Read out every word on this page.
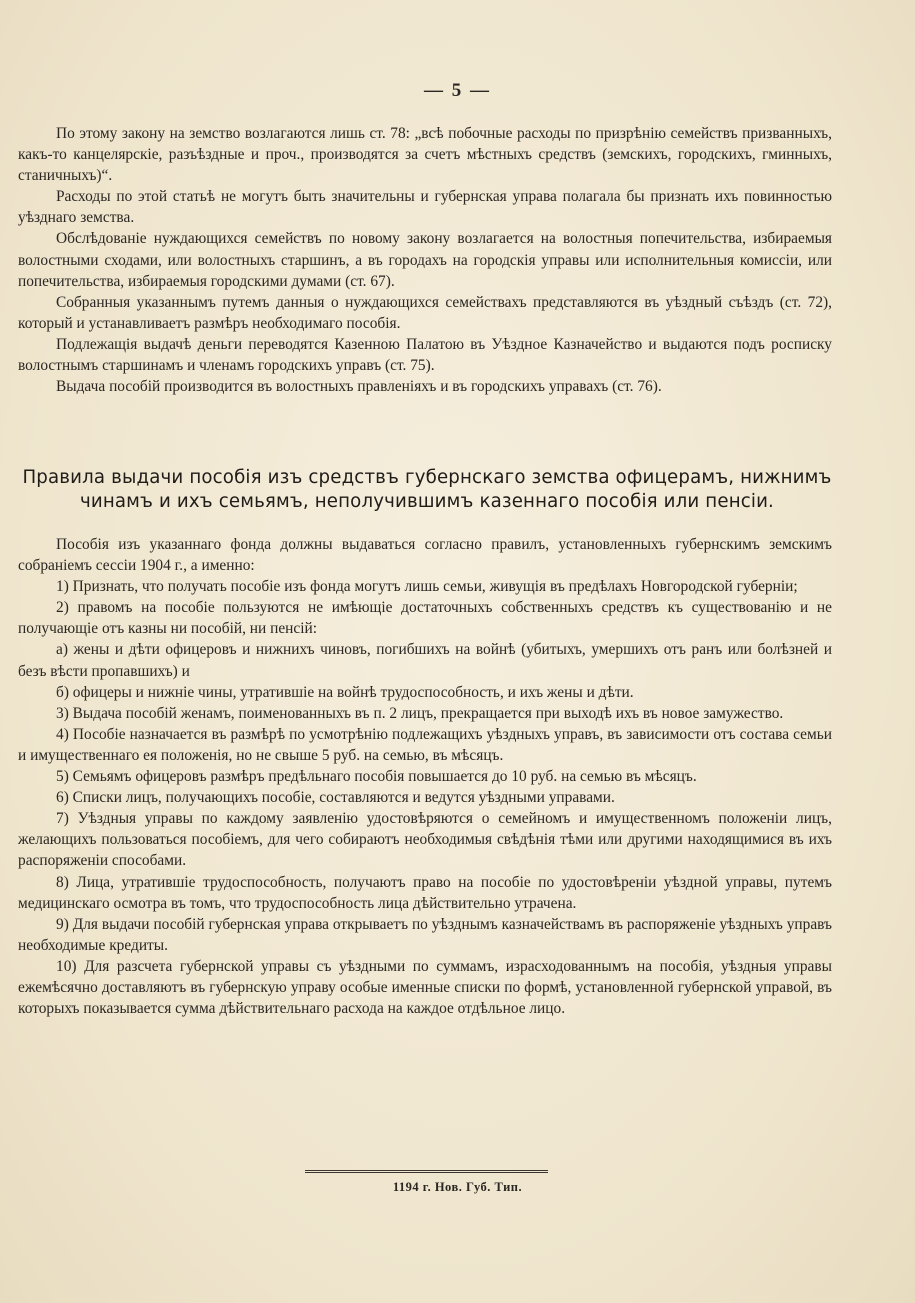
— 5 —

По этому закону на земство возлагаются лишь ст. 78: „всѣ побочные расходы по призрѣнію семействъ призванныхъ, какъ-то канцелярскіе, разъѣздные и проч., производятся за счетъ мѣстныхъ средствъ (земскихъ, городскихъ, гминныхъ, станичныхъ)“.

Расходы по этой статьѣ не могутъ быть значительны и губернская управа полагала бы признать ихъ повинностью уѣзднаго земства.

Обслѣдованіе нуждающихся семействъ по новому закону возлагается на волостныя попечительства, избираемыя волостными сходами, или волостныхъ старшинъ, а въ городахъ на городскія управы или исполнительныя комиссіи, или попечительства, избираемыя городскими думами (ст. 67).

Собранныя указаннымъ путемъ данныя о нуждающихся семействахъ представляются въ уѣздный съѣздъ (ст. 72), который и устанавливаетъ размѣръ необходимаго пособія.

Подлежащія выдачѣ деньги переводятся Казенною Палатою въ Уѣздное Казначейство и выдаются подъ росписку волостнымъ старшинамъ и членамъ городскихъ управъ (ст. 75).

Выдача пособій производится въ волостныхъ правленіяхъ и въ городскихъ управахъ (ст. 76).

Правила выдачи пособія изъ средствъ губернскаго земства офицерамъ, нижнимъ
чинамъ и ихъ семьямъ, неполучившимъ казеннаго пособія или пенсіи.

Пособія изъ указаннаго фонда должны выдаваться согласно правилъ, установленныхъ губернскимъ земскимъ собраніемъ сессіи 1904 г., а именно:

1) Признать, что получать пособіе изъ фонда могутъ лишь семьи, живущія въ предѣлахъ Новгородской губерніи;

2) правомъ на пособіе пользуются не имѣющіе достаточныхъ собственныхъ средствъ къ существованію и не получающіе отъ казны ни пособій, ни пенсій:

а) жены и дѣти офицеровъ и нижнихъ чиновъ, погибшихъ на войнѣ (убитыхъ, умершихъ отъ ранъ или болѣзней и безъ вѣсти пропавшихъ) и

б) офицеры и нижніе чины, утратившіе на войнѣ трудоспособность, и ихъ жены и дѣти.

3) Выдача пособій женамъ, поименованныхъ въ п. 2 лицъ, прекращается при выходѣ ихъ въ новое замужество.

4) Пособіе назначается въ размѣрѣ по усмотрѣнію подлежащихъ уѣздныхъ управъ, въ зависимости отъ состава семьи и имущественнаго ея положенія, но не свыше 5 руб. на семью, въ мѣсяцъ.

5) Семьямъ офицеровъ размѣръ предѣльнаго пособія повышается до 10 руб. на семью въ мѣсяцъ.

6) Списки лицъ, получающихъ пособіе, составляются и ведутся уѣздными управами.

7) Уѣздныя управы по каждому заявленію удостовѣряются о семейномъ и имущественномъ положеніи лицъ, желающихъ пользоваться пособіемъ, для чего собираютъ необходимыя свѣдѣнія тѣми или другими находящимися въ ихъ распоряженіи способами.

8) Лица, утратившіе трудоспособность, получаютъ право на пособіе по удостовѣреніи уѣздной управы, путемъ медицинскаго осмотра въ томъ, что трудоспособность лица дѣйствительно утрачена.

9) Для выдачи пособій губернская управа открываетъ по уѣзднымъ казначействамъ въ распоряженіе уѣздныхъ управъ необходимые кредиты.

10) Для разсчета губернской управы съ уѣздными по суммамъ, израсходованнымъ на пособія, уѣздныя управы ежемѣсячно доставляютъ въ губернскую управу особые именные списки по формѣ, установленной губернской управой, въ которыхъ показывается сумма дѣйствительнаго расхода на каждое отдѣльное лицо.

1194 г. Нов. Губ. Тип.
